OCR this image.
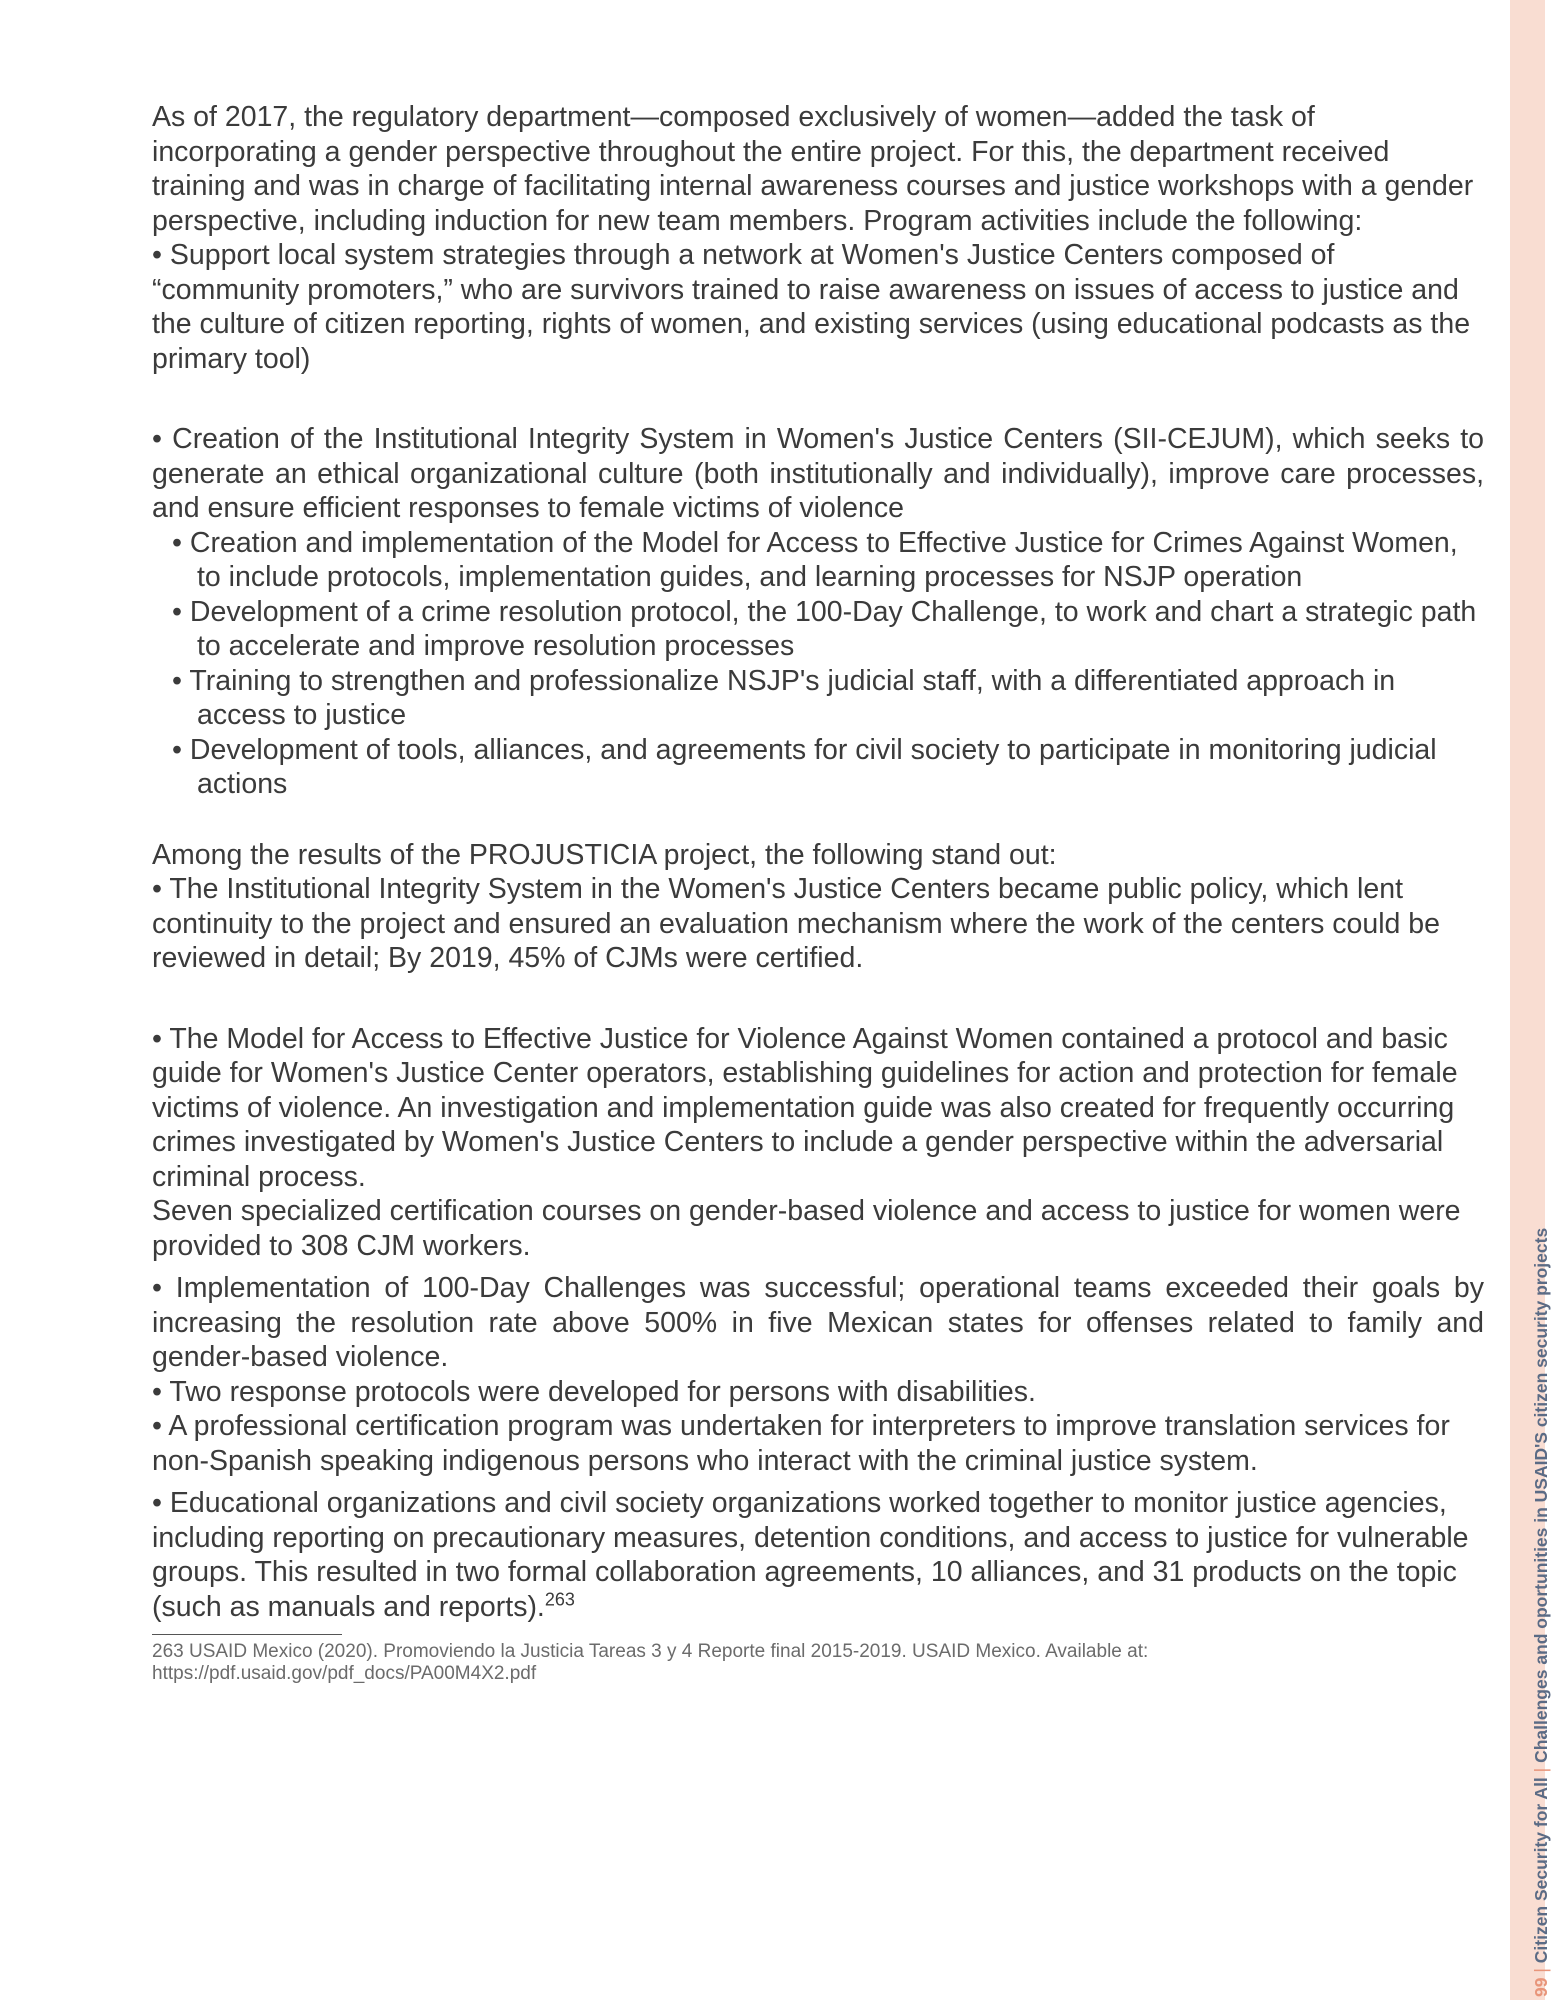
As of 2017, the regulatory department—composed exclusively of women—added the task of incorporating a gender perspective throughout the entire project. For this, the department received training and was in charge of facilitating internal awareness courses and justice workshops with a gender perspective, including induction for new team members. Program activities include the following:

• Support local system strategies through a network at Women's Justice Centers composed of “community promoters,” who are survivors trained to raise awareness on issues of access to justice and the culture of citizen reporting, rights of women, and existing services (using educational podcasts as the primary tool)

• Creation of the Institutional Integrity System in Women's Justice Centers (SII-CEJUM), which seeks to generate an ethical organizational culture (both institutionally and individually), improve care processes, and ensure efficient responses to female victims of violence

• Creation and implementation of the Model for Access to Effective Justice for Crimes Against Women, to include protocols, implementation guides, and learning processes for NSJP operation

• Development of a crime resolution protocol, the 100-Day Challenge, to work and chart a strategic path to accelerate and improve resolution processes

• Training to strengthen and professionalize NSJP's judicial staff, with a differentiated approach in access to justice

• Development of tools, alliances, and agreements for civil society to participate in monitoring judicial actions

Among the results of the PROJUSTICIA project, the following stand out:

• The Institutional Integrity System in the Women's Justice Centers became public policy, which lent continuity to the project and ensured an evaluation mechanism where the work of the centers could be reviewed in detail; By 2019, 45% of CJMs were certified.

• The Model for Access to Effective Justice for Violence Against Women contained a protocol and basic guide for Women's Justice Center operators, establishing guidelines for action and protection for female victims of violence. An investigation and implementation guide was also created for frequently occurring crimes investigated by Women's Justice Centers to include a gender perspective within the adversarial criminal process.

Seven specialized certification courses on gender-based violence and access to justice for women were provided to 308 CJM workers.

• Implementation of 100-Day Challenges was successful; operational teams exceeded their goals by increasing the resolution rate above 500% in five Mexican states for offenses related to family and gender-based violence.

• Two response protocols were developed for persons with disabilities.

• A professional certification program was undertaken for interpreters to improve translation services for non-Spanish speaking indigenous persons who interact with the criminal justice system.

• Educational organizations and civil society organizations worked together to monitor justice agencies, including reporting on precautionary measures, detention conditions, and access to justice for vulnerable groups. This resulted in two formal collaboration agreements, 10 alliances, and 31 products on the topic (such as manuals and reports).$^{263}$

263 USAID Mexico (2020). Promoviendo la Justicia Tareas 3 y 4 Reporte final 2015-2019. USAID Mexico. Available at: https://pdf.usaid.gov/pdf_docs/PA00M4X2.pdf

99 | Citizen Security for All | Challenges and oportunities in USAID'S citizen security projects
